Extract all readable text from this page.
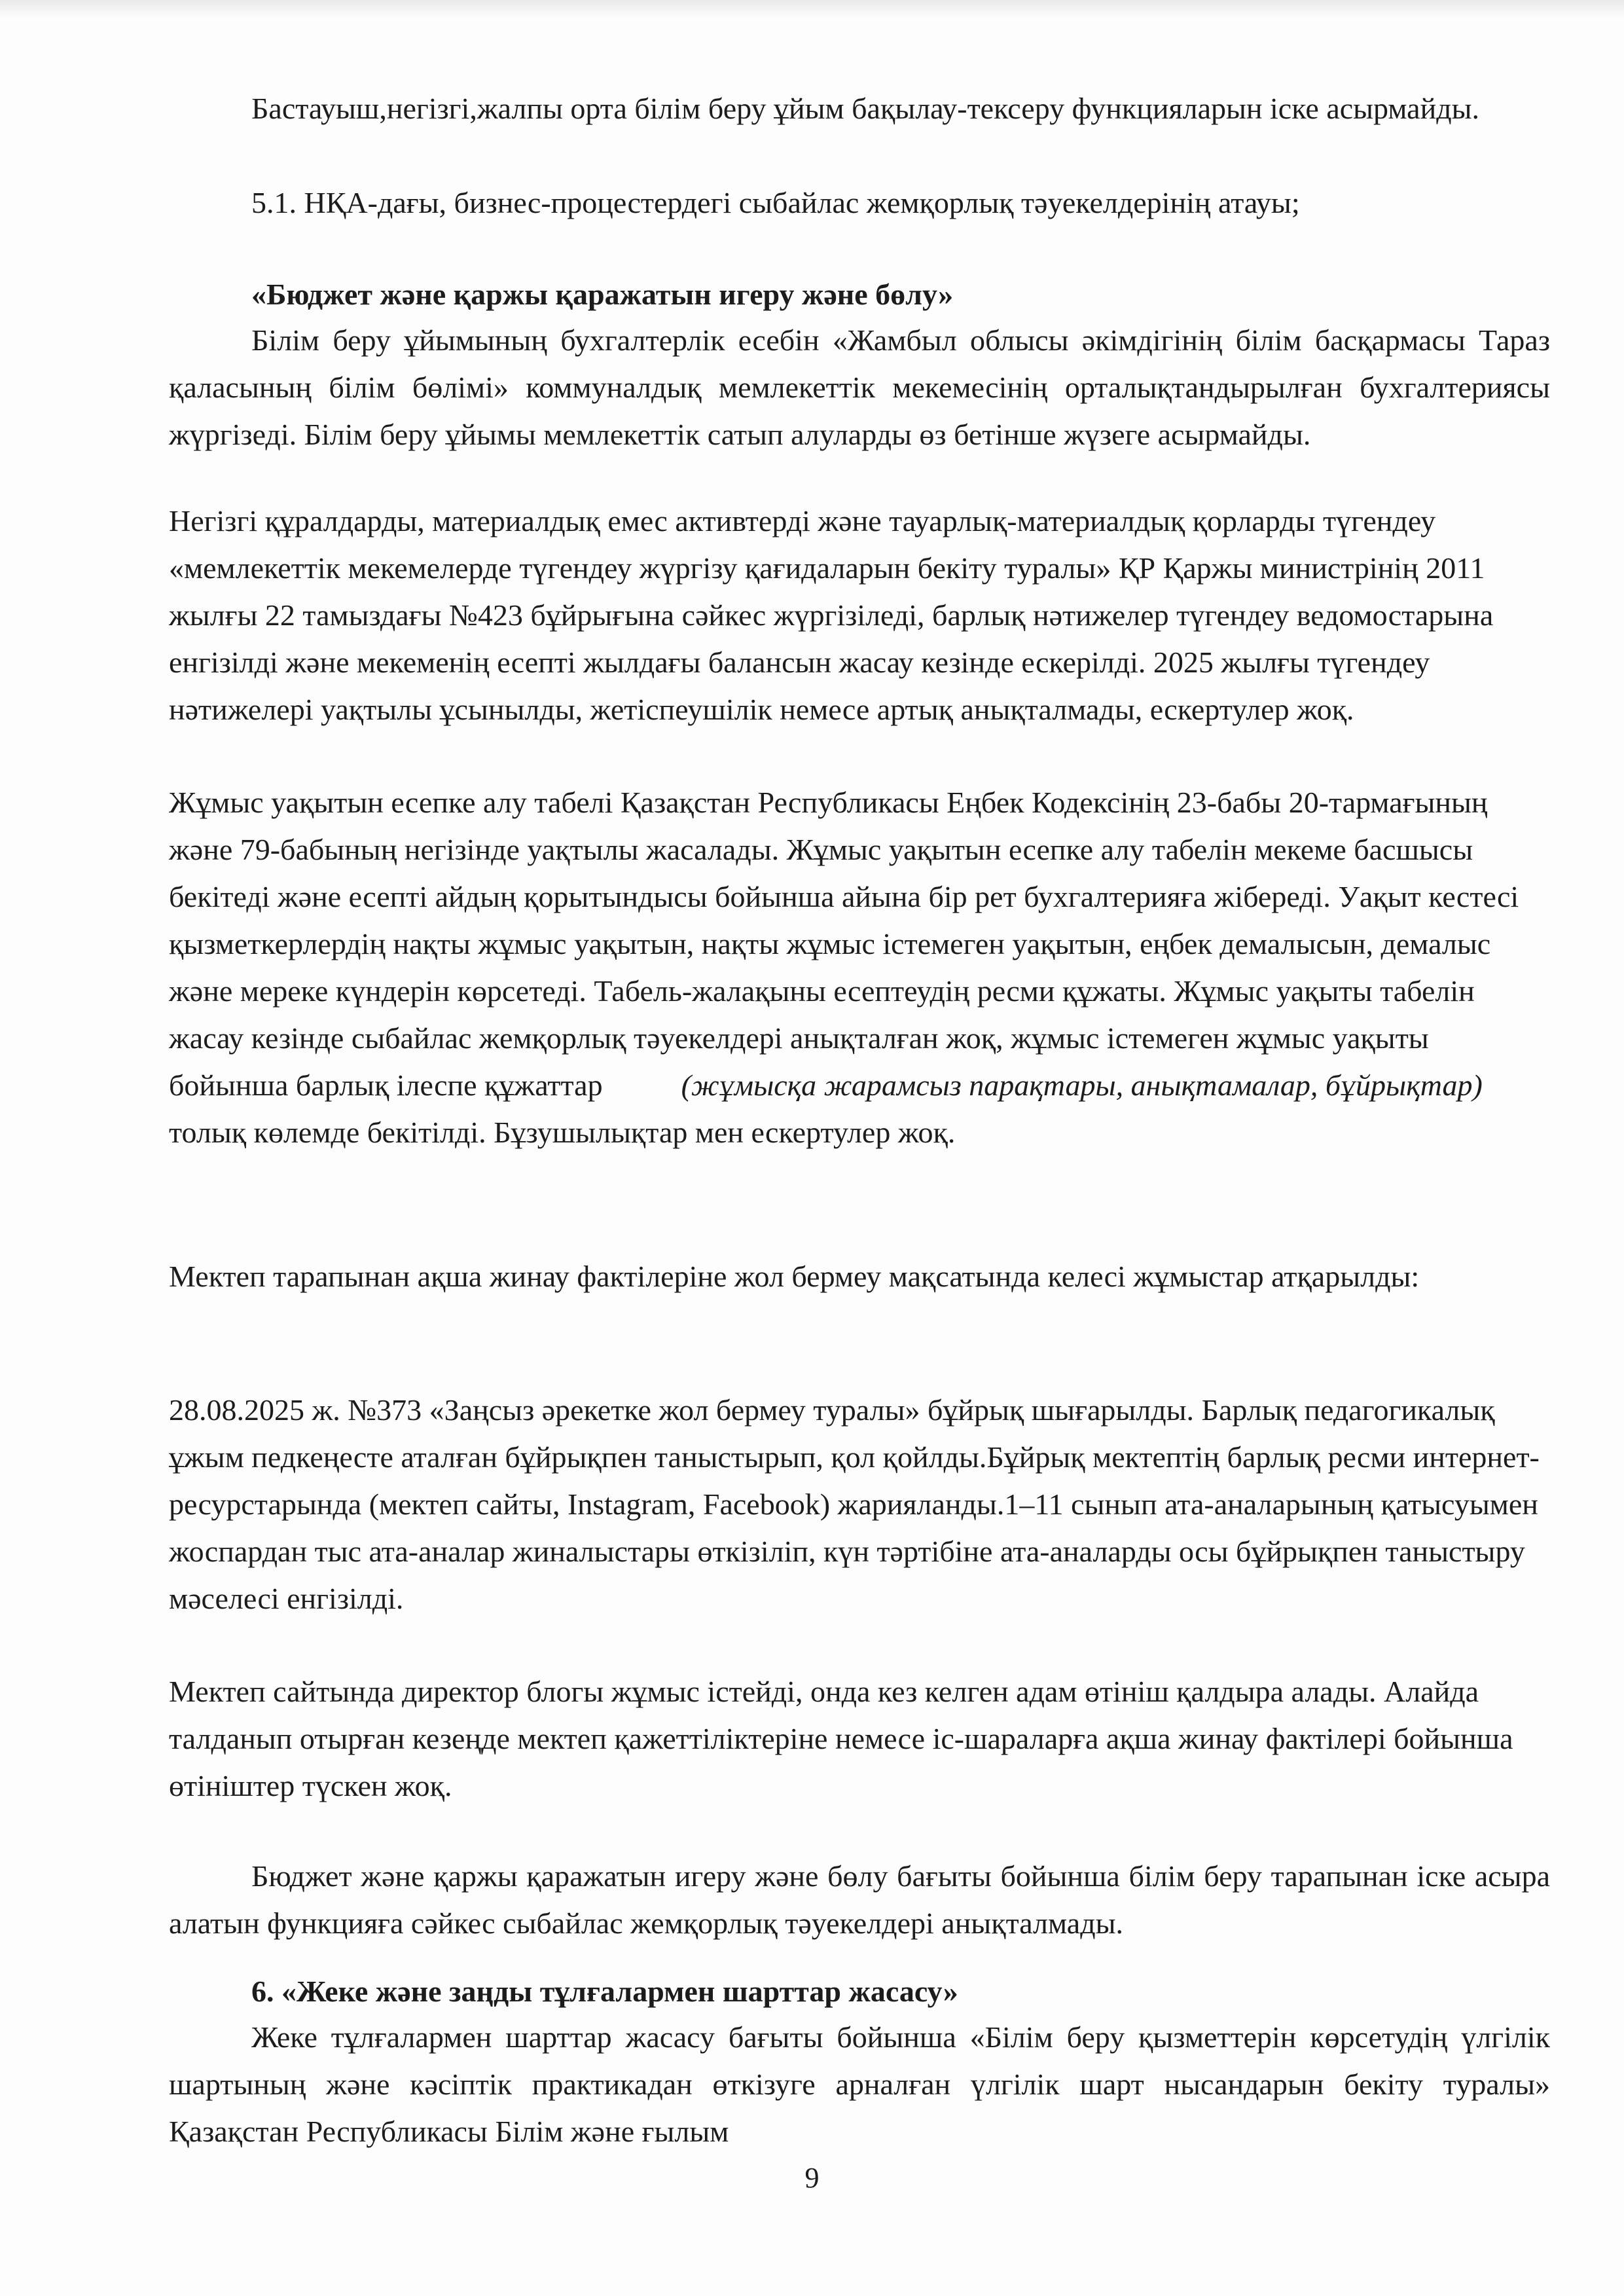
Бастауыш,негізгі,жалпы орта білім беру ұйым бақылау-тексеру функцияларын іске асырмайды.

5.1. НҚА-дағы, бизнес-процестердегі сыбайлас жемқорлық тәуекелдерінің атауы;

«Бюджет және қаржы қаражатын игеру және бөлу»

Білім беру ұйымының бухгалтерлік есебін «Жамбыл облысы әкімдігінің білім басқармасы Тараз қаласының білім бөлімі» коммуналдық мемлекеттік мекемесінің орталықтандырылған бухгалтериясы жүргізеді. Білім беру ұйымы мемлекеттік сатып алуларды өз бетінше жүзеге асырмайды.

Негізгі құралдарды, материалдық емес активтерді және тауарлық-материалдық қорларды түгендеу «мемлекеттік мекемелерде түгендеу жүргізу қағидаларын бекіту туралы» ҚР Қаржы министрінің 2011 жылғы 22 тамыздағы №423 бұйрығына сәйкес жүргізіледі, барлық нәтижелер түгендеу ведомостарына енгізілді және мекеменің есепті жылдағы балансын жасау кезінде ескерілді. 2025 жылғы түгендеу нәтижелері уақтылы ұсынылды, жетіспеушілік немесе артық анықталмады, ескертулер жоқ.

Жұмыс уақытын есепке алу табелі Қазақстан Республикасы Еңбек Кодексінің 23-бабы 20-тармағының және 79-бабының негізінде уақтылы жасалады. Жұмыс уақытын есепке алу табелін мекеме басшысы бекітеді және есепті айдың қорытындысы бойынша айына бір рет бухгалтерияға жібереді. Уақыт кестесі қызметкерлердің нақты жұмыс уақытын, нақты жұмыс істемеген уақытын, еңбек демалысын, демалыс және мереке күндерін көрсетеді. Табель-жалақыны есептеудің ресми құжаты. Жұмыс уақыты табелін жасау кезінде сыбайлас жемқорлық тәуекелдері анықталған жоқ, жұмыс істемеген жұмыс уақыты бойынша барлық ілеспе құжаттар	(жұмысқа жарамсыз парақтары, анықтамалар, бұйрықтар) толық көлемде бекітілді. Бұзушылықтар мен ескертулер жоқ.

Мектеп тарапынан ақша жинау фактілеріне жол бермеу мақсатында келесі жұмыстар атқарылды:

28.08.2025 ж. №373 «Заңсыз әрекетке жол бермеу туралы» бұйрық шығарылды. Барлық педагогикалық ұжым педкеңесте аталған бұйрықпен таныстырып, қол қойлды.Бұйрық мектептің барлық ресми интернет-ресурстарында (мектеп сайты, Instagram, Facebook) жарияланды.1–11 сынып ата-аналарының қатысуымен жоспардан тыс ата-аналар жиналыстары өткізіліп, күн тәртібіне ата-аналарды осы бұйрықпен таныстыру мәселесі енгізілді.

Мектеп сайтында директор блогы жұмыс істейді, онда кез келген адам өтініш қалдыра алады. Алайда талданып отырған кезеңде мектеп қажеттіліктеріне немесе іс-шараларға ақша жинау фактілері бойынша өтініштер түскен жоқ.

Бюджет және қаржы қаражатын игеру және бөлу бағыты бойынша білім беру тарапынан іске асыра алатын функцияға сәйкес сыбайлас жемқорлық тәуекелдері анықталмады.

6. «Жеке және заңды тұлғалармен шарттар жасасу»

Жеке тұлғалармен шарттар жасасу бағыты бойынша «Білім беру қызметтерін көрсетудің үлгілік шартының және кәсіптік практикадан өткізуге арналған үлгілік шарт нысандарын бекіту туралы» Қазақстан Республикасы Білім және ғылым

9
